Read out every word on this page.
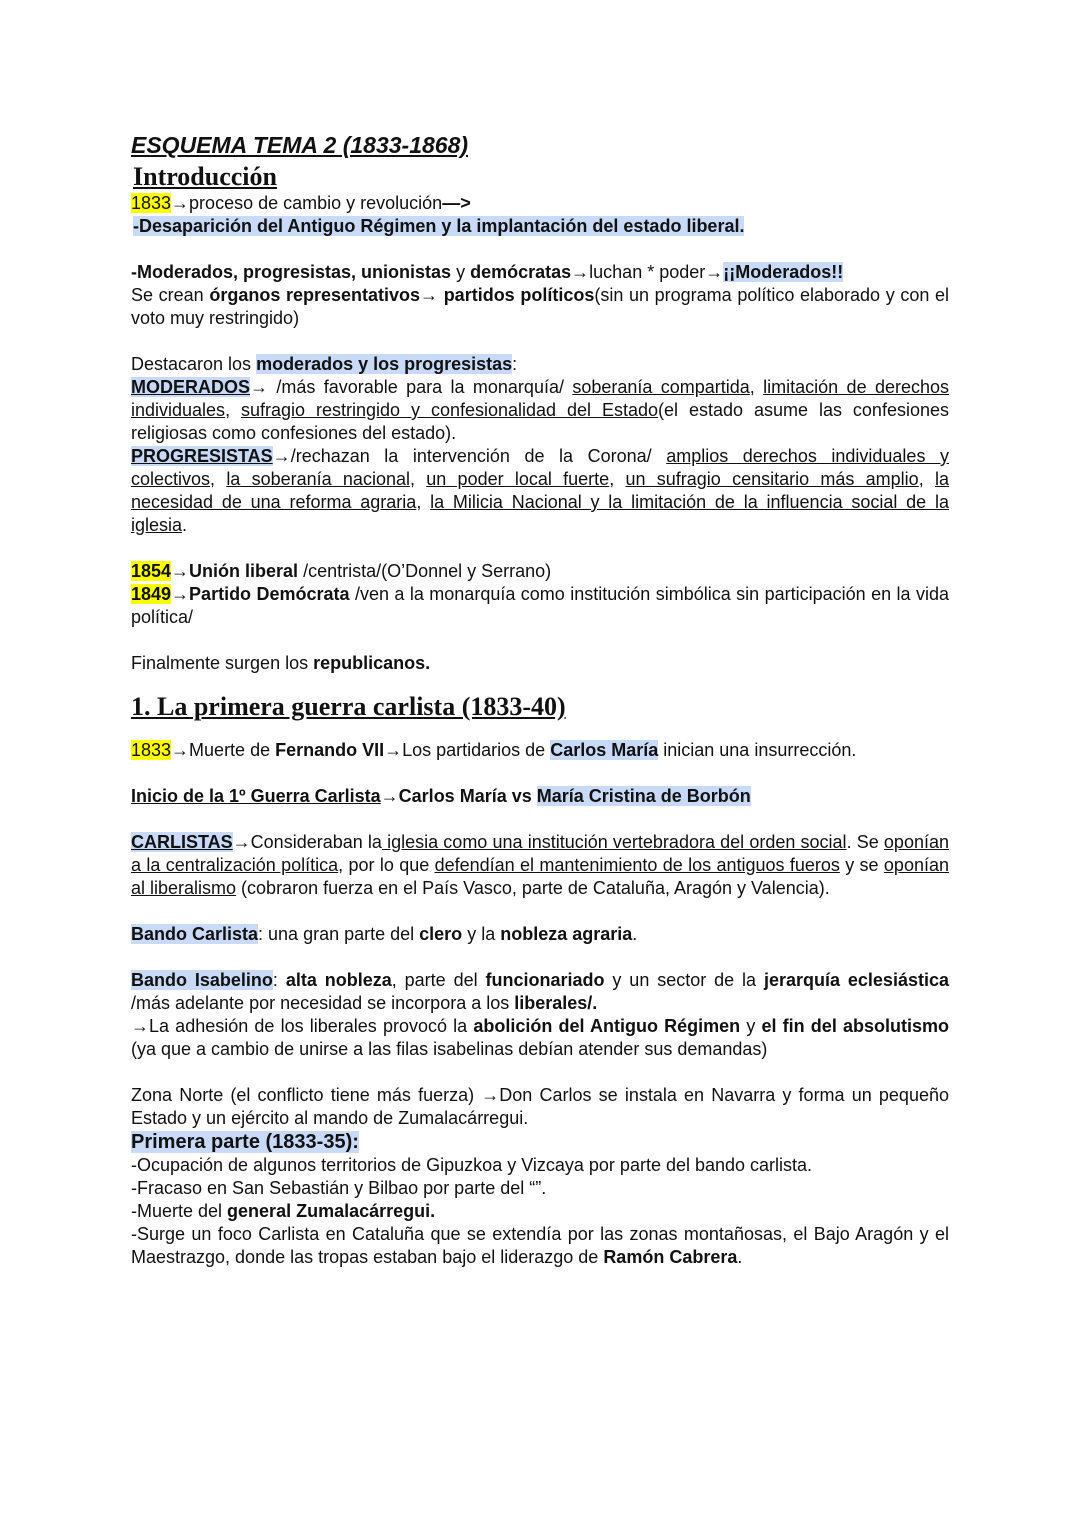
ESQUEMA TEMA 2 (1833-1868)
Introducción

1833→proceso de cambio y revolución—>

-Desaparición del Antiguo Régimen y la implantación del estado liberal.

-Moderados, progresistas, unionistas y demócratas→luchan * poder→¡¡Moderados!!

Se crean órganos representativos→ partidos políticos(sin un programa político elaborado y con el voto muy restringido)

Destacaron los moderados y los progresistas:

MODERADOS→ /más favorable para la monarquía/ soberanía compartida, limitación de derechos individuales, sufragio restringido y confesionalidad del Estado(el estado asume las confesiones religiosas como confesiones del estado).

PROGRESISTAS→/rechazan la intervención de la Corona/ amplios derechos individuales y colectivos, la soberanía nacional, un poder local fuerte, un sufragio censitario más amplio, la necesidad de una reforma agraria, la Milicia Nacional y la limitación de la influencia social de la iglesia.

1854→Unión liberal /centrista/(O’Donnel y Serrano)

1849→Partido Demócrata /ven a la monarquía como institución simbólica sin participación en la vida política/

Finalmente surgen los republicanos.

1. La primera guerra carlista (1833-40)

1833→Muerte de Fernando VII→Los partidarios de Carlos María inician una insurrección.

Inicio de la 1º Guerra Carlista→Carlos María vs María Cristina de Borbón

CARLISTAS→Consideraban la iglesia como una institución vertebradora del orden social. Se oponían a la centralización política, por lo que defendían el mantenimiento de los antiguos fueros y se oponían al liberalismo (cobraron fuerza en el País Vasco, parte de Cataluña, Aragón y Valencia).

Bando Carlista: una gran parte del clero y la nobleza agraria.

Bando Isabelino: alta nobleza, parte del funcionariado y un sector de la jerarquía eclesiástica /más adelante por necesidad se incorpora a los liberales/.

→La adhesión de los liberales provocó la abolición del Antiguo Régimen y el fin del absolutismo (ya que a cambio de unirse a las filas isabelinas debían atender sus demandas)

Zona Norte (el conflicto tiene más fuerza) →Don Carlos se instala en Navarra y forma un pequeño Estado y un ejército al mando de Zumalacárregui.

Primera parte (1833-35):

-Ocupación de algunos territorios de Gipuzkoa y Vizcaya por parte del bando carlista.

-Fracaso en San Sebastián y Bilbao por parte del “”.

-Muerte del general Zumalacárregui.

-Surge un foco Carlista en Cataluña que se extendía por las zonas montañosas, el Bajo Aragón y el Maestrazgo, donde las tropas estaban bajo el liderazgo de Ramón Cabrera.
